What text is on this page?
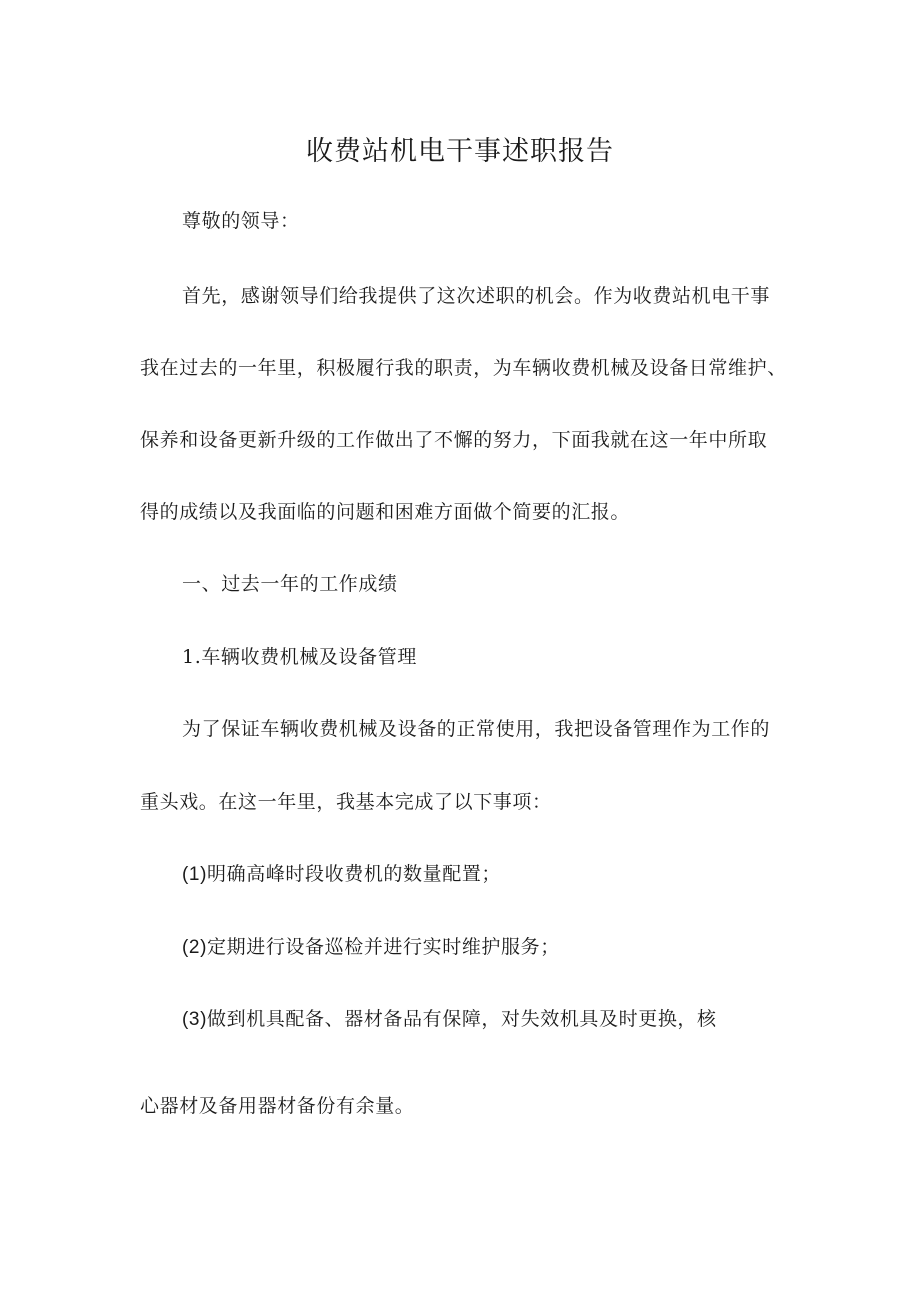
收费站机电干事述职报告

尊敬的领导：

首先，感谢领导们给我提供了这次述职的机会。作为收费站机电干事

我在过去的一年里，积极履行我的职责，为车辆收费机械及设备日常维护、

保养和设备更新升级的工作做出了不懈的努力，下面我就在这一年中所取

得的成绩以及我面临的问题和困难方面做个简要的汇报。

一、过去一年的工作成绩

1.车辆收费机械及设备管理

为了保证车辆收费机械及设备的正常使用，我把设备管理作为工作的

重头戏。在这一年里，我基本完成了以下事项：

(1)明确高峰时段收费机的数量配置；

(2)定期进行设备巡检并进行实时维护服务；

(3)做到机具配备、器材备品有保障，对失效机具及时更换，核

心器材及备用器材备份有余量。
